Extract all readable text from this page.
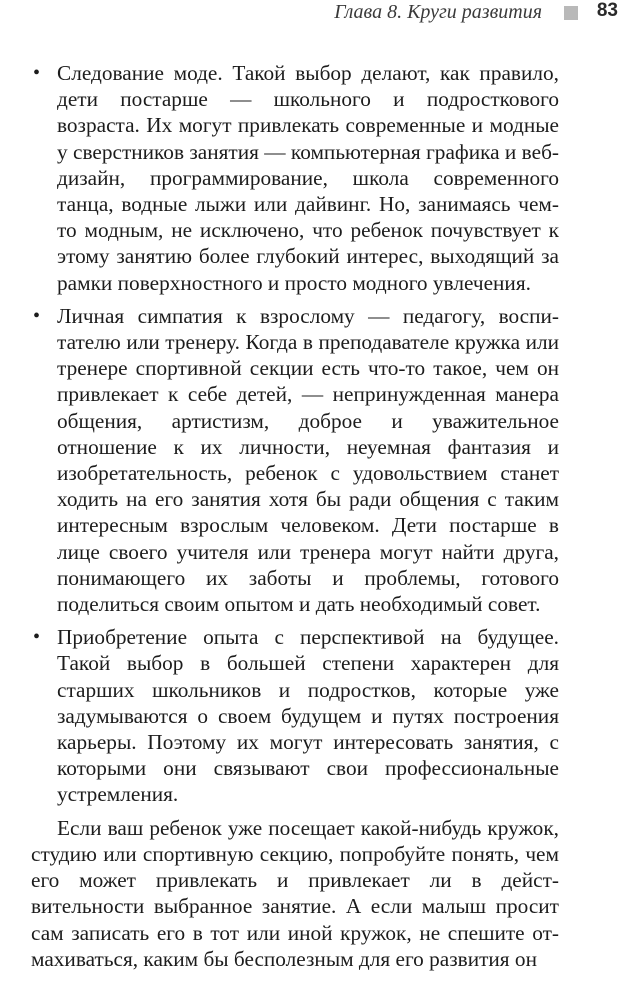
Глава 8. Круги развития	83
• Следование моде. Такой выбор делают, как правило, дети постарше — школьного и подросткового возраста. Их могут привлекать современные и модные у сверстников занятия — компьютерная графика и веб-дизайн, программирование, школа современного танца, водные лыжи или дайвинг. Но, занимаясь чем-то модным, не исключено, что ребенок почувствует к этому занятию более глубокий интерес, выходящий за рамки поверхностного и просто модного увлечения.
• Личная симпатия к взрослому — педагогу, воспитателю или тренеру. Когда в преподавателе кружка или тренере спортивной секции есть что-то такое, чем он привлекает к себе детей, — непринужденная манера общения, артистизм, доброе и уважительное отношение к их личности, неуемная фантазия и изобретательность, ребенок с удовольствием станет ходить на его занятия хотя бы ради общения с таким интересным взрослым человеком. Дети постарше в лице своего учителя или тренера могут найти друга, понимающего их заботы и проблемы, готового поделиться своим опытом и дать необходимый совет.
• Приобретение опыта с перспективой на будущее. Такой выбор в большей степени характерен для старших школьников и подростков, которые уже задумываются о своем будущем и путях построения карьеры. Поэтому их могут интересовать занятия, с которыми они связывают свои профессиональные устремления.

Если ваш ребенок уже посещает какой-нибудь кружок, студию или спортивную секцию, попробуйте понять, чем его может привлекать и привлекает ли в действительности выбранное занятие. А если малыш просит сам записать его в тот или иной кружок, не спешите отмахиваться, каким бы бесполезным для его развития он
